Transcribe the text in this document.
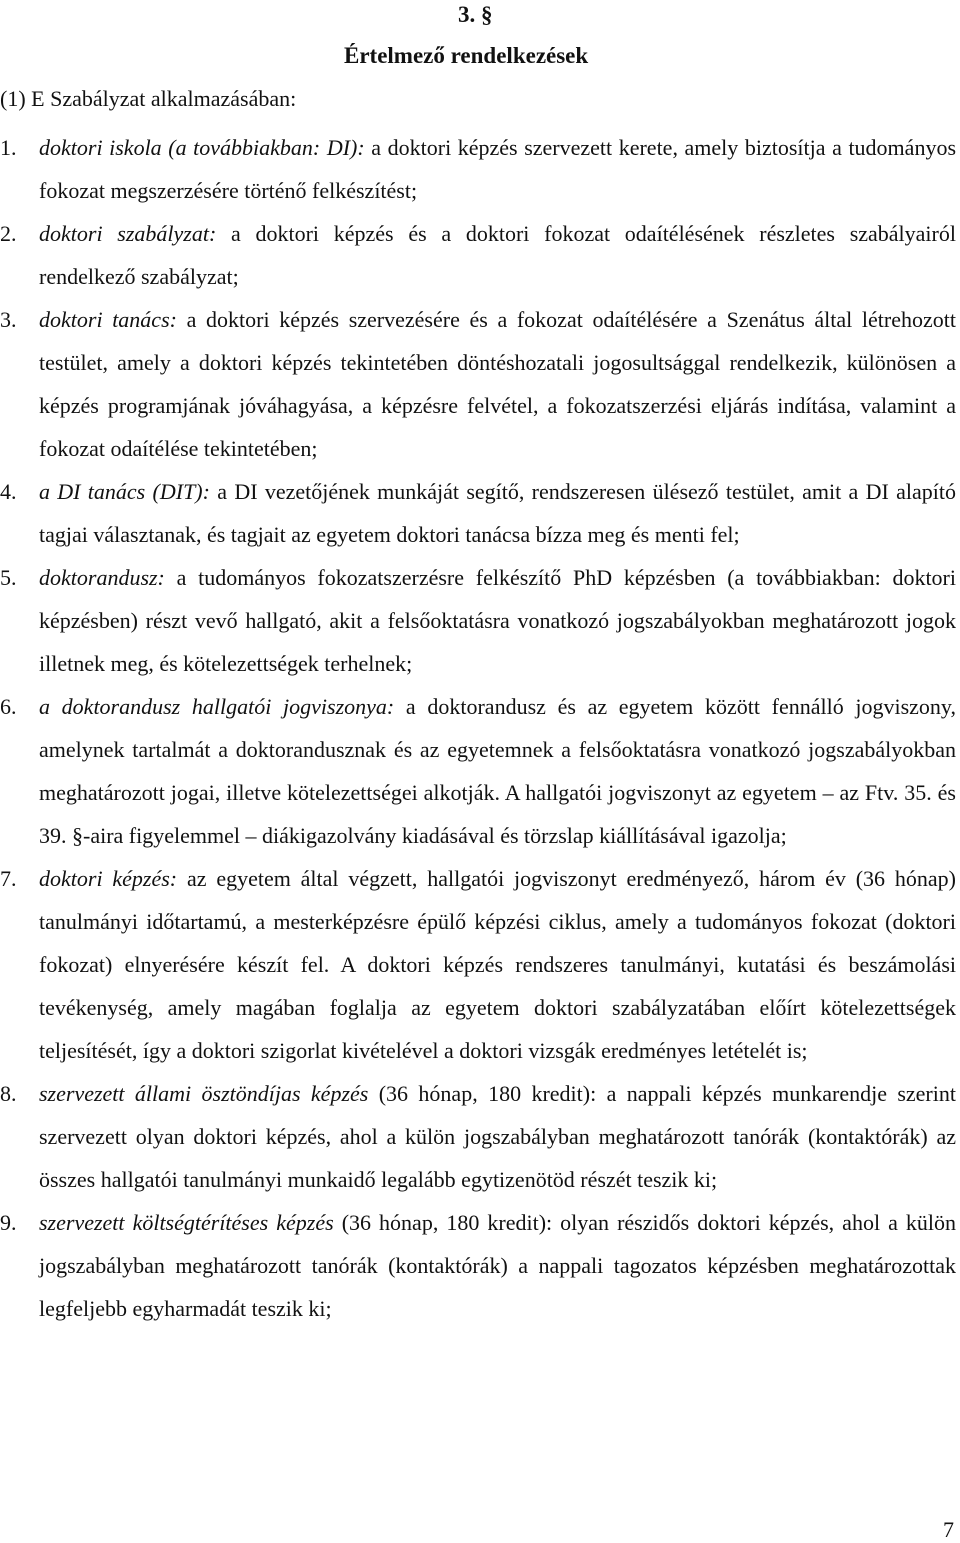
3. §
Értelmező rendelkezések
(1) E Szabályzat alkalmazásában:
1. doktori iskola (a továbbiakban: DI): a doktori képzés szervezett kerete, amely biztosítja a tudományos fokozat megszerzésére történő felkészítést;
2. doktori szabályzat: a doktori képzés és a doktori fokozat odaítélésének részletes szabályairól rendelkező szabályzat;
3. doktori tanács: a doktori képzés szervezésére és a fokozat odaítélésére a Szenátus által létrehozott testület, amely a doktori képzés tekintetében döntéshozatali jogosultsággal rendelkezik, különösen a képzés programjának jóváhagyása, a képzésre felvétel, a fokozatszerzési eljárás indítása, valamint a fokozat odaítélése tekintetében;
4. a DI tanács (DIT): a DI vezetőjének munkáját segítő, rendszeresen ülésező testület, amit a DI alapító tagjai választanak, és tagjait az egyetem doktori tanácsa bízza meg és menti fel;
5. doktorandusz: a tudományos fokozatszerzésre felkészítő PhD képzésben (a továbbiakban: doktori képzésben) részt vevő hallgató, akit a felsőoktatásra vonatkozó jogszabályokban meghatározott jogok illetnek meg, és kötelezettségek terhelnek;
6. a doktorandusz hallgatói jogviszonya: a doktorandusz és az egyetem között fennálló jogviszony, amelynek tartalmát a doktorandusznak és az egyetemnek a felsőoktatásra vonatkozó jogszabályokban meghatározott jogai, illetve kötelezettségei alkotják. A hallgatói jogviszonyt az egyetem – az Ftv. 35. és 39. §-aira figyelemmel – diákigazolvány kiadásával és törzslap kiállításával igazolja;
7. doktori képzés: az egyetem által végzett, hallgatói jogviszonyt eredményező, három év (36 hónap) tanulmányi időtartamú, a mesterképzésre épülő képzési ciklus, amely a tudományos fokozat (doktori fokozat) elnyerésére készít fel. A doktori képzés rendszeres tanulmányi, kutatási és beszámolási tevékenység, amely magában foglalja az egyetem doktori szabályzatában előírt kötelezettségek teljesítését, így a doktori szigorlat kivételével a doktori vizsgák eredményes letételét is;
8. szervezett állami ösztöndíjas képzés (36 hónap, 180 kredit): a nappali képzés munkarendje szerint szervezett olyan doktori képzés, ahol a külön jogszabályban meghatározott tanórák (kontaktórák) az összes hallgatói tanulmányi munkaidő legalább egytizenötöd részét teszik ki;
9. szervezett költségtérítéses képzés (36 hónap, 180 kredit): olyan részidős doktori képzés, ahol a külön jogszabályban meghatározott tanórák (kontaktórák) a nappali tagozatos képzésben meghatározottak legfeljebb egyharmadát teszik ki;
7
